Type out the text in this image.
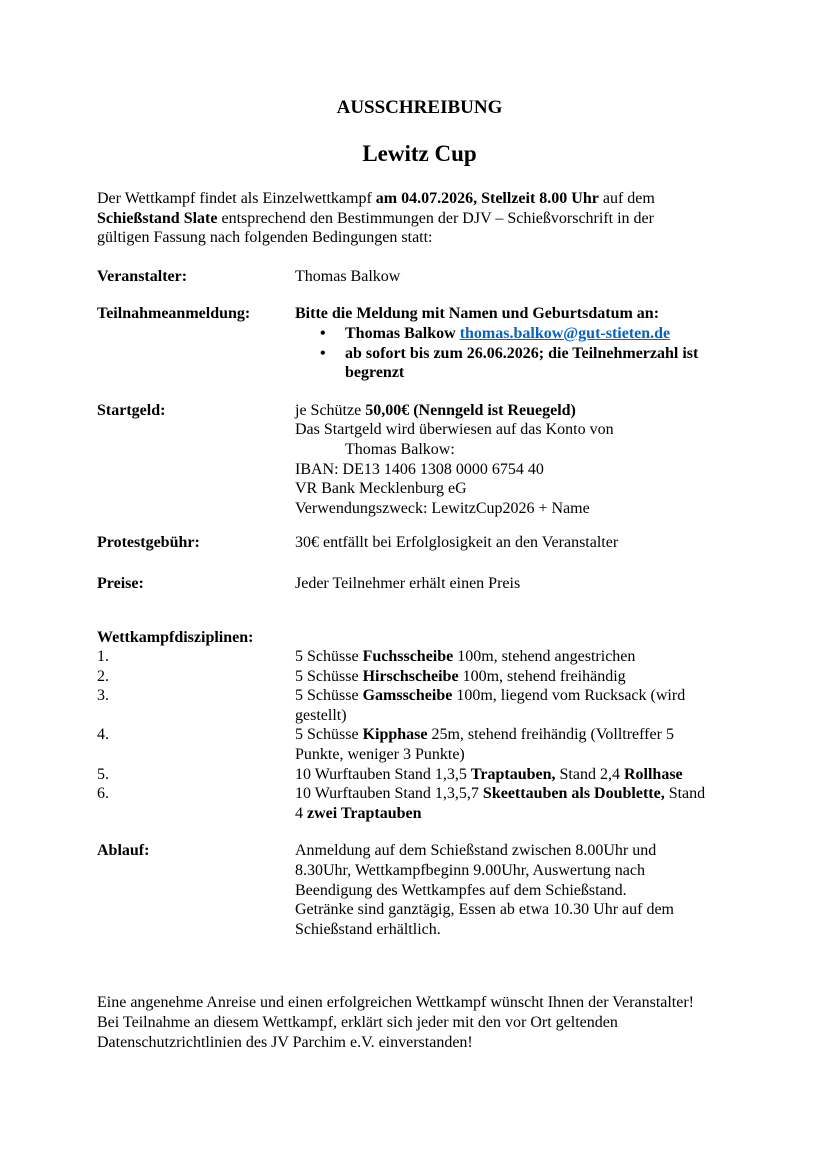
AUSSCHREIBUNG
Lewitz Cup
Der Wettkampf findet als Einzelwettkampf am 04.07.2026, Stellzeit 8.00 Uhr auf dem
Schießstand Slate entsprechend den Bestimmungen der DJV – Schießvorschrift in der
gültigen Fassung nach folgenden Bedingungen statt:
Veranstalter:	Thomas Balkow
Teilnahmeanmeldung:	Bitte die Meldung mit Namen und Geburtsdatum an:
•	Thomas Balkow thomas.balkow@gut-stieten.de
•	ab sofort bis zum 26.06.2026; die Teilnehmerzahl ist
begrenzt
Startgeld:	je Schütze 50,00€ (Nenngeld ist Reuegeld)
Das Startgeld wird überwiesen auf das Konto von
Thomas Balkow:
IBAN: DE13 1406 1308 0000 6754 40
VR Bank Mecklenburg eG
Verwendungszweck: LewitzCup2026 + Name
Protestgebühr:	30€ entfällt bei Erfolglosigkeit an den Veranstalter
Preise:	Jeder Teilnehmer erhält einen Preis
Wettkampfdisziplinen:
1.	5 Schüsse Fuchsscheibe 100m, stehend angestrichen
2.	5 Schüsse Hirschscheibe 100m, stehend freihändig
3.	5 Schüsse Gamsscheibe 100m, liegend vom Rucksack (wird
gestellt)
4.	5 Schüsse Kipphase 25m, stehend freihändig (Volltreffer 5
Punkte, weniger 3 Punkte)
5.	10 Wurftauben Stand 1,3,5 Traptauben, Stand 2,4 Rollhase
6.	10 Wurftauben Stand 1,3,5,7 Skeettauben als Doublette, Stand
4 zwei Traptauben
Ablauf:	Anmeldung auf dem Schießstand zwischen 8.00Uhr und
8.30Uhr, Wettkampfbeginn 9.00Uhr, Auswertung nach
Beendigung des Wettkampfes auf dem Schießstand.
Getränke sind ganztägig, Essen ab etwa 10.30 Uhr auf dem
Schießstand erhältlich.
Eine angenehme Anreise und einen erfolgreichen Wettkampf wünscht Ihnen der Veranstalter!
Bei Teilnahme an diesem Wettkampf, erklärt sich jeder mit den vor Ort geltenden
Datenschutzrichtlinien des JV Parchim e.V. einverstanden!
